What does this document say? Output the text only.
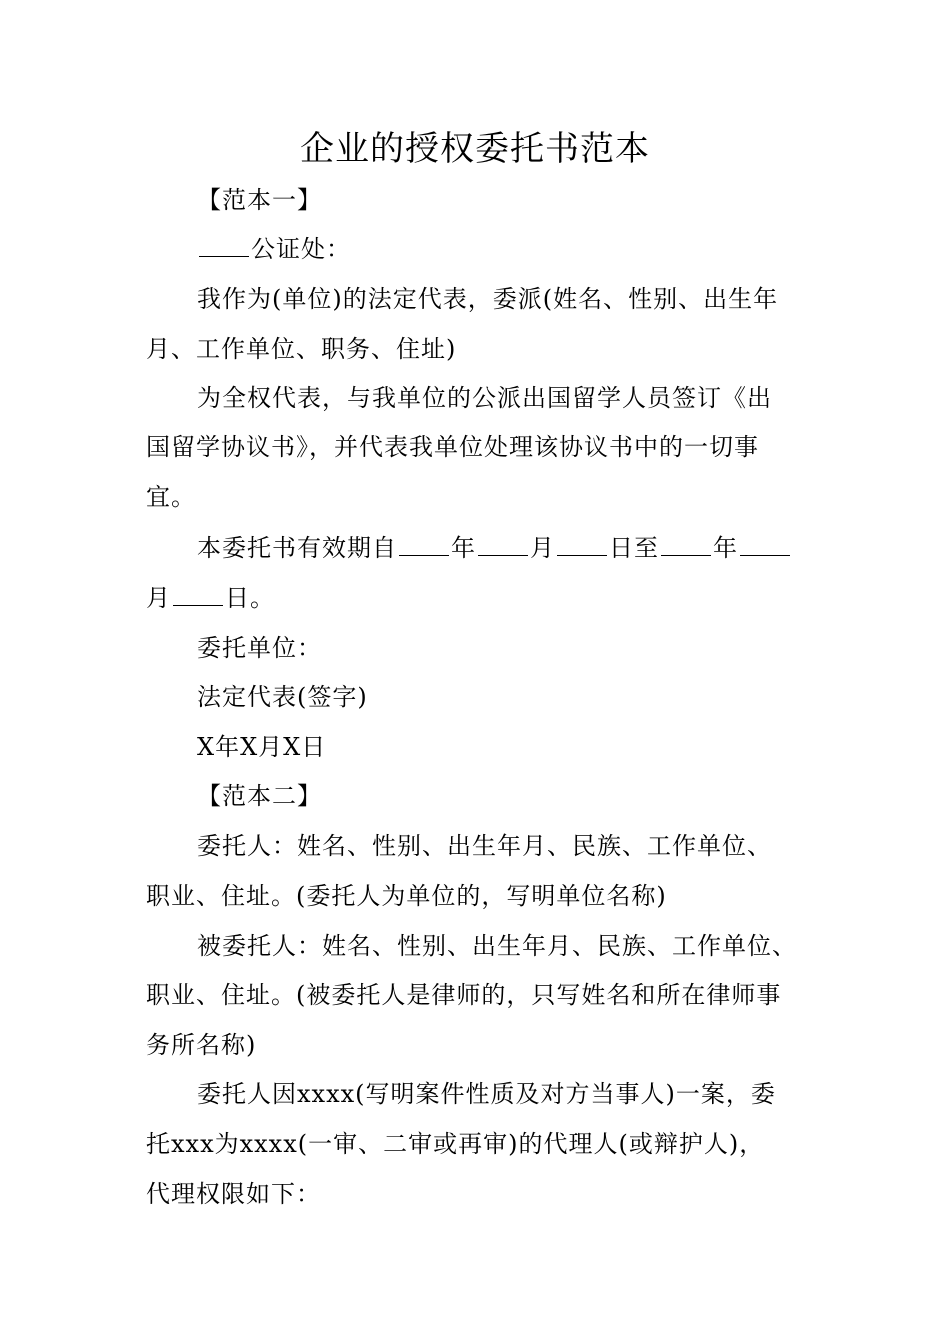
企业的授权委托书范本
【范本一】
公证处：
我作为(单位)的法定代表，委派(姓名、性别、出生年
月、工作单位、职务、住址)
为全权代表，与我单位的公派出国留学人员签订《出
国留学协议书》，并代表我单位处理该协议书中的一切事
宜。
本委托书有效期自 年 月 日至 年
月 日。
委托单位：
法定代表(签字)
X年X月X日
【范本二】
委托人：姓名、性别、出生年月、民族、工作单位、
职业、住址。(委托人为单位的，写明单位名称)
被委托人：姓名、性别、出生年月、民族、工作单位、
职业、住址。(被委托人是律师的，只写姓名和所在律师事
务所名称)
委托人因xxxx(写明案件性质及对方当事人)一案，委
托xxx为xxxx(一审、二审或再审)的代理人(或辩护人)，
代理权限如下：
